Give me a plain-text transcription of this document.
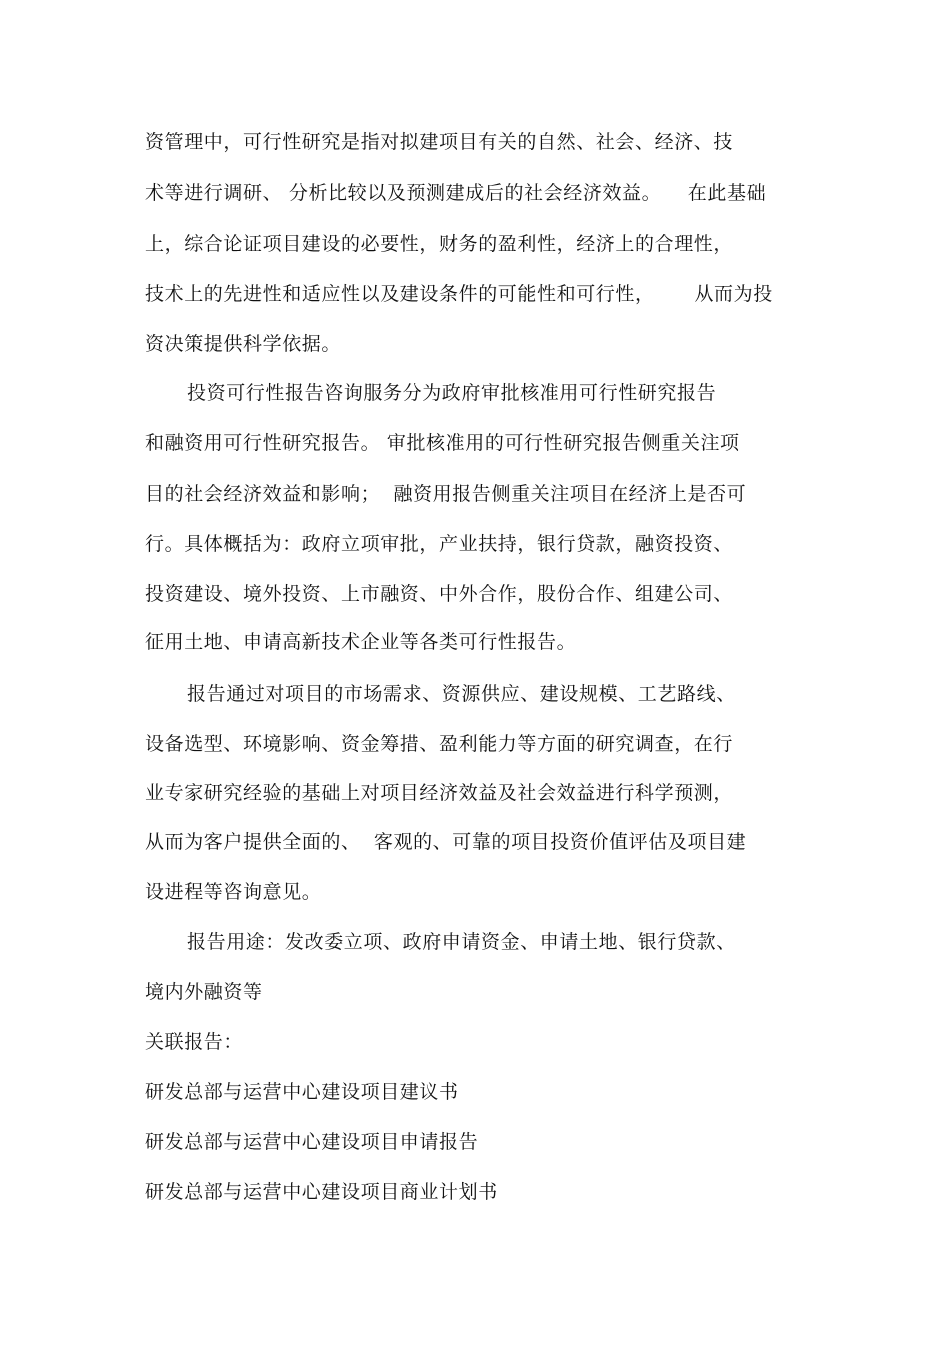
资管理中，可行性研究是指对拟建项目有关的自然、社会、经济、技
术等进行调研、 分析比较以及预测建成后的社会经济效益。    在此基础
上，综合论证项目建设的必要性，财务的盈利性，经济上的合理性，
技术上的先进性和适应性以及建设条件的可能性和可行性，      从而为投
资决策提供科学依据。
投资可行性报告咨询服务分为政府审批核准用可行性研究报告
和融资用可行性研究报告。 审批核准用的可行性研究报告侧重关注项
目的社会经济效益和影响；  融资用报告侧重关注项目在经济上是否可
行。具体概括为：政府立项审批，产业扶持，银行贷款，融资投资、
投资建设、境外投资、上市融资、中外合作，股份合作、组建公司、
征用土地、申请高新技术企业等各类可行性报告。
报告通过对项目的市场需求、资源供应、建设规模、工艺路线、
设备选型、环境影响、资金筹措、盈利能力等方面的研究调查，在行
业专家研究经验的基础上对项目经济效益及社会效益进行科学预测，
从而为客户提供全面的、  客观的、可靠的项目投资价值评估及项目建
设进程等咨询意见。
报告用途：发改委立项、政府申请资金、申请土地、银行贷款、
境内外融资等
关联报告：
研发总部与运营中心建设项目建议书
研发总部与运营中心建设项目申请报告
研发总部与运营中心建设项目商业计划书
